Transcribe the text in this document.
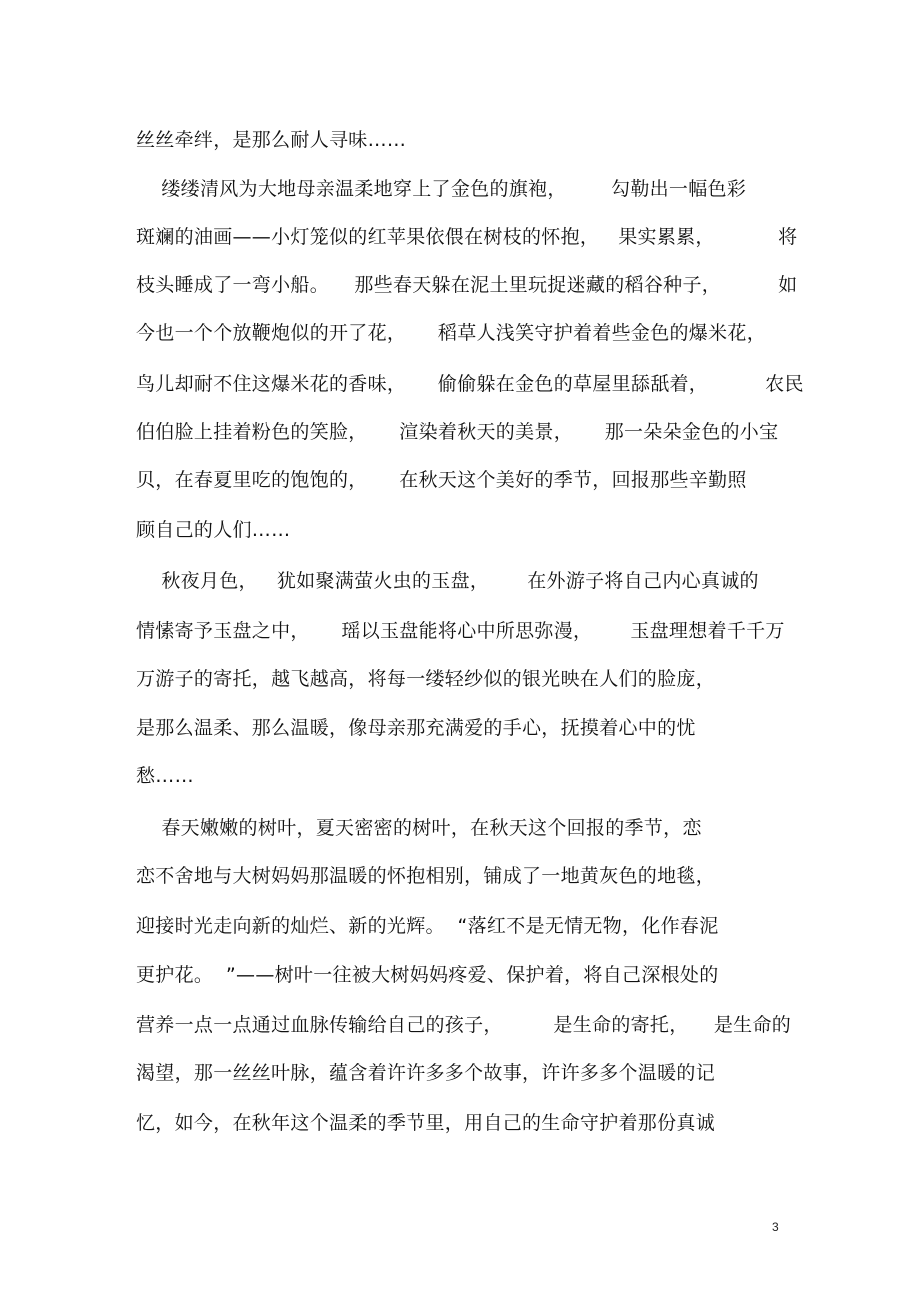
丝丝牵绊，是那么耐人寻味……
缕缕清风为大地母亲温柔地穿上了金色的旗袍，       勾勒出一幅色彩
斑斓的油画——小灯笼似的红苹果依偎在树枝的怀抱，   果实累累，          将
枝头睡成了一弯小船。    那些春天躲在泥土里玩捉迷藏的稻谷种子，         如
今也一个个放鞭炮似的开了花，     稻草人浅笑守护着着些金色的爆米花，
鸟儿却耐不住这爆米花的香味，     偷偷躲在金色的草屋里舔舐着，         农民
伯伯脸上挂着粉色的笑脸，     渲染着秋天的美景，     那一朵朵金色的小宝
贝，在春夏里吃的饱饱的，     在秋天这个美好的季节，回报那些辛勤照
顾自己的人们……
秋夜月色，   犹如聚满萤火虫的玉盘，      在外游子将自己内心真诚的
情愫寄予玉盘之中，     瑶以玉盘能将心中所思弥漫，      玉盘理想着千千万
万游子的寄托，越飞越高，将每一缕轻纱似的银光映在人们的脸庞，
是那么温柔、那么温暖，像母亲那充满爱的手心，抚摸着心中的忧
愁……
春天嫩嫩的树叶，夏天密密的树叶，在秋天这个回报的季节，恋
恋不舍地与大树妈妈那温暖的怀抱相别，铺成了一地黄灰色的地毯，
迎接时光走向新的灿烂、新的光辉。  “落红不是无情无物，化作春泥
更护花。  ”——树叶一往被大树妈妈疼爱、保护着，将自己深根处的
营养一点一点通过血脉传输给自己的孩子，        是生命的寄托，    是生命的
渴望，那一丝丝叶脉，蕴含着许许多多个故事，许许多多个温暖的记
忆，如今，在秋年这个温柔的季节里，用自己的生命守护着那份真诚
3
